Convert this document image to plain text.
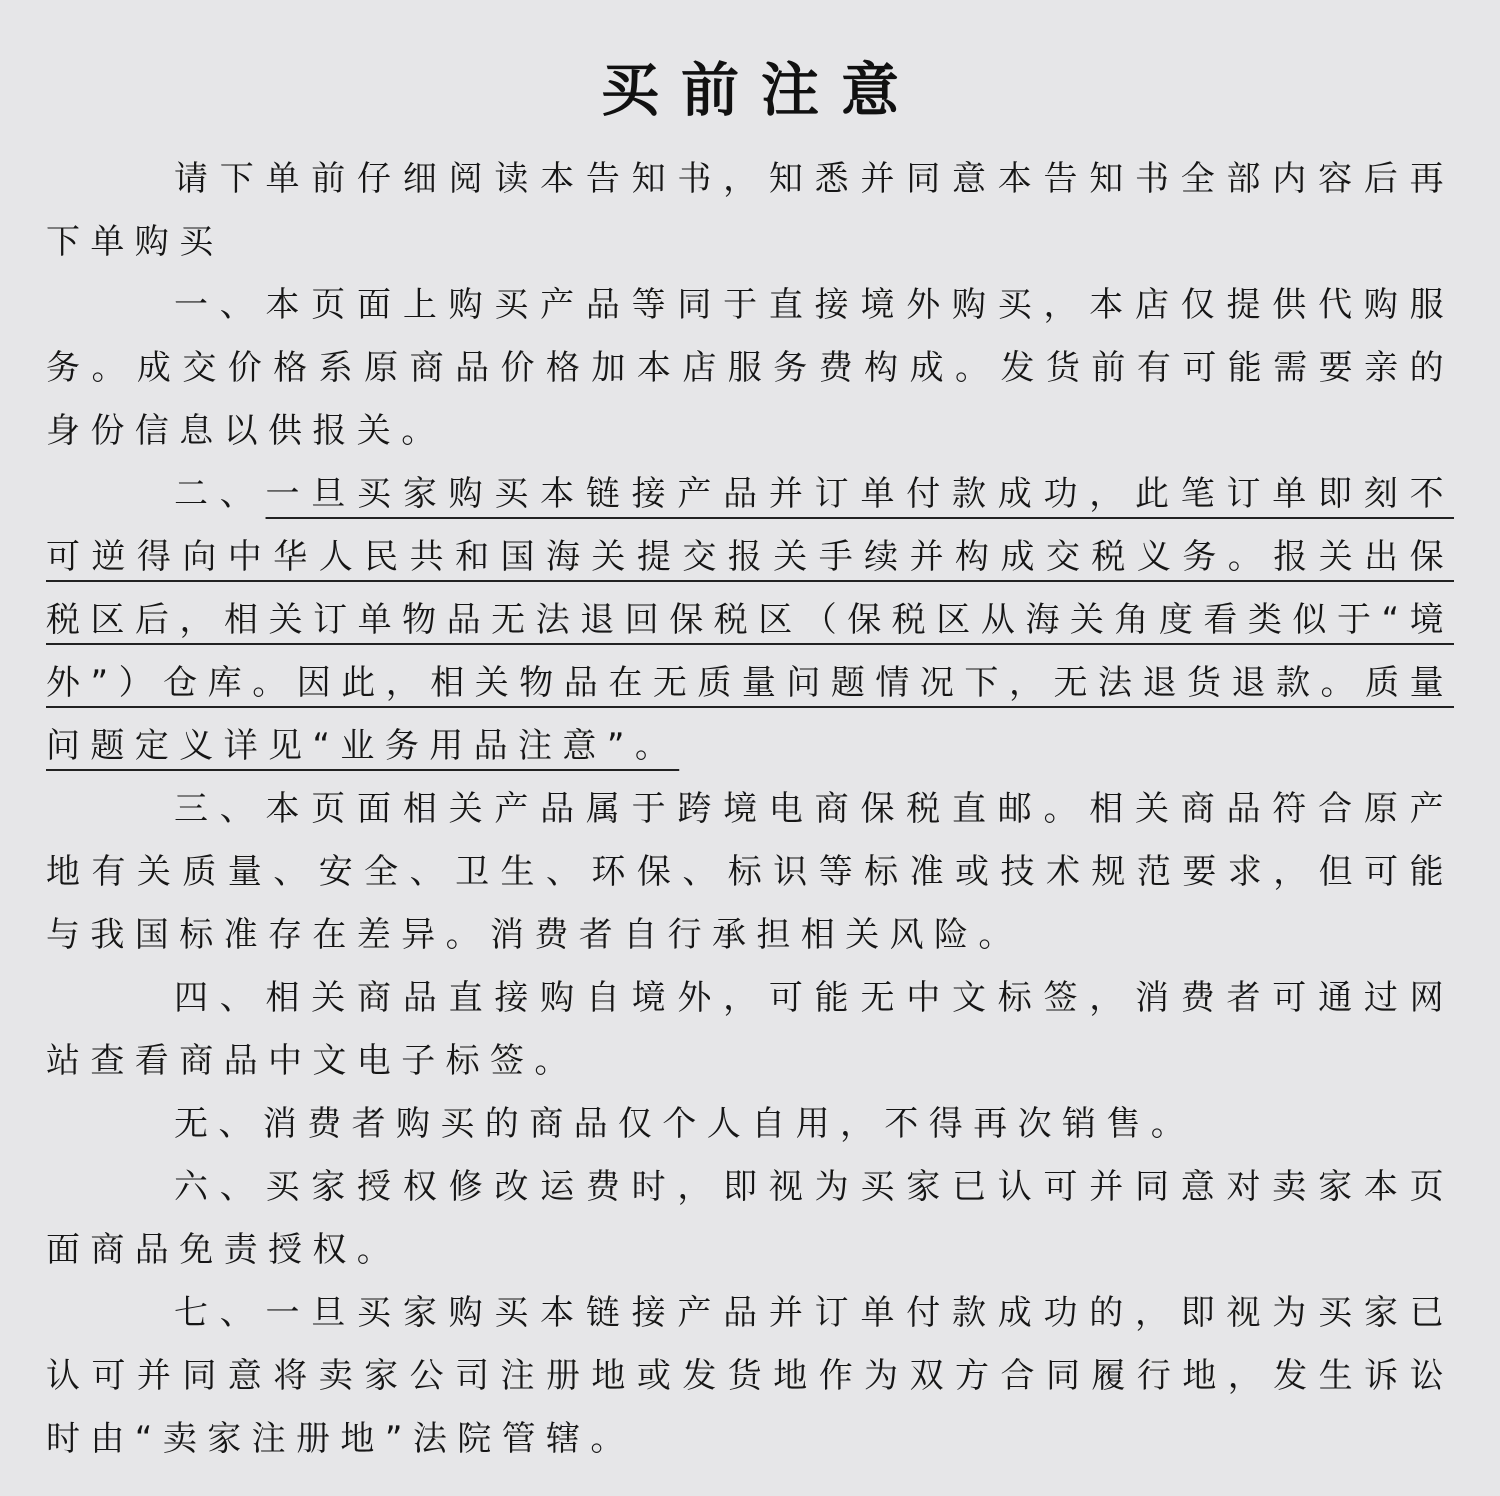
买前注意

请下单前仔细阅读本告知书，知悉并同意本告知书全部内容后再下单购买

一、本页面上购买产品等同于直接境外购买，本店仅提供代购服务。成交价格系原商品价格加本店服务费构成。发货前有可能需要亲的身份信息以供报关。

二、一旦买家购买本链接产品并订单付款成功，此笔订单即刻不可逆得向中华人民共和国海关提交报关手续并构成交税义务。报关出保税区后，相关订单物品无法退回保税区（保税区从海关角度看类似于“境外”）仓库。因此，相关物品在无质量问题情况下，无法退货退款。质量问题定义详见“业务用品注意”。

三、本页面相关产品属于跨境电商保税直邮。相关商品符合原产地有关质量、安全、卫生、环保、标识等标准或技术规范要求，但可能与我国标准存在差异。消费者自行承担相关风险。

四、相关商品直接购自境外，可能无中文标签，消费者可通过网站查看商品中文电子标签。

无、消费者购买的商品仅个人自用，不得再次销售。

六、买家授权修改运费时，即视为买家已认可并同意对卖家本页面商品免责授权。

七、一旦买家购买本链接产品并订单付款成功的，即视为买家已认可并同意将卖家公司注册地或发货地作为双方合同履行地，发生诉讼时由“卖家注册地”法院管辖。
